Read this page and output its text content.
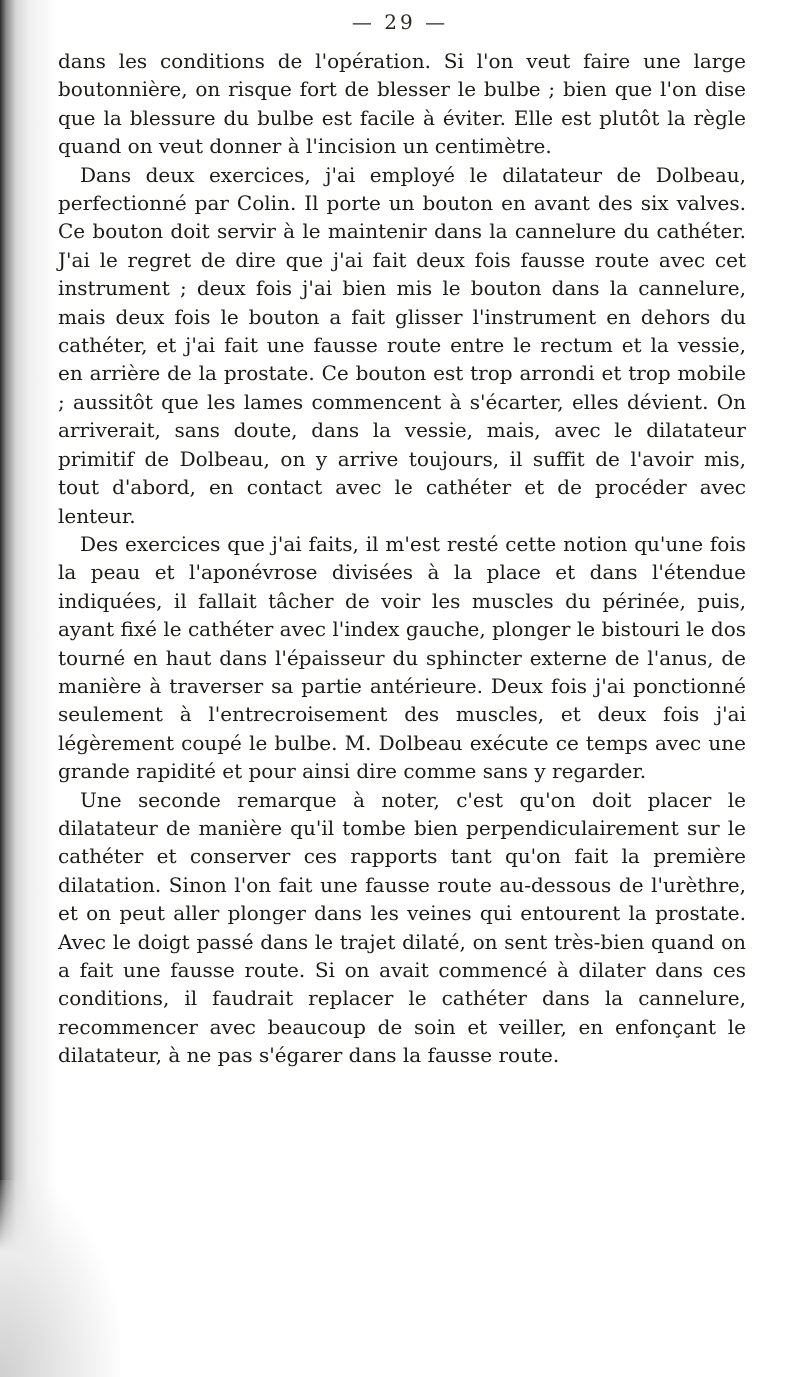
— 29 —

dans les conditions de l'opération. Si l'on veut faire une large boutonnière, on risque fort de blesser le bulbe ; bien que l'on dise que la blessure du bulbe est facile à éviter. Elle est plutôt la règle quand on veut donner à l'incision un centimètre.

Dans deux exercices, j'ai employé le dilatateur de Dolbeau, perfectionné par Colin. Il porte un bouton en avant des six valves. Ce bouton doit servir à le maintenir dans la cannelure du cathéter. J'ai le regret de dire que j'ai fait deux fois fausse route avec cet instrument ; deux fois j'ai bien mis le bouton dans la cannelure, mais deux fois le bouton a fait glisser l'instrument en dehors du cathéter, et j'ai fait une fausse route entre le rectum et la vessie, en arrière de la prostate. Ce bouton est trop arrondi et trop mobile ; aussitôt que les lames commencent à s'écarter, elles dévient. On arriverait, sans doute, dans la vessie, mais, avec le dilatateur primitif de Dolbeau, on y arrive toujours, il suffit de l'avoir mis, tout d'abord, en contact avec le cathéter et de procéder avec lenteur.

Des exercices que j'ai faits, il m'est resté cette notion qu'une fois la peau et l'aponévrose divisées à la place et dans l'étendue indiquées, il fallait tâcher de voir les muscles du périnée, puis, ayant fixé le cathéter avec l'index gauche, plonger le bistouri le dos tourné en haut dans l'épaisseur du sphincter externe de l'anus, de manière à traverser sa partie antérieure. Deux fois j'ai ponctionné seulement à l'entrecroisement des muscles, et deux fois j'ai légèrement coupé le bulbe. M. Dolbeau exécute ce temps avec une grande rapidité et pour ainsi dire comme sans y regarder.

Une seconde remarque à noter, c'est qu'on doit placer le dilatateur de manière qu'il tombe bien perpendiculairement sur le cathéter et conserver ces rapports tant qu'on fait la première dilatation. Sinon l'on fait une fausse route au-dessous de l'urèthre, et on peut aller plonger dans les veines qui entourent la prostate. Avec le doigt passé dans le trajet dilaté, on sent très-bien quand on a fait une fausse route. Si on avait commencé à dilater dans ces conditions, il faudrait replacer le cathéter dans la cannelure, recommencer avec beaucoup de soin et veiller, en enfonçant le dilatateur, à ne pas s'égarer dans la fausse route.
